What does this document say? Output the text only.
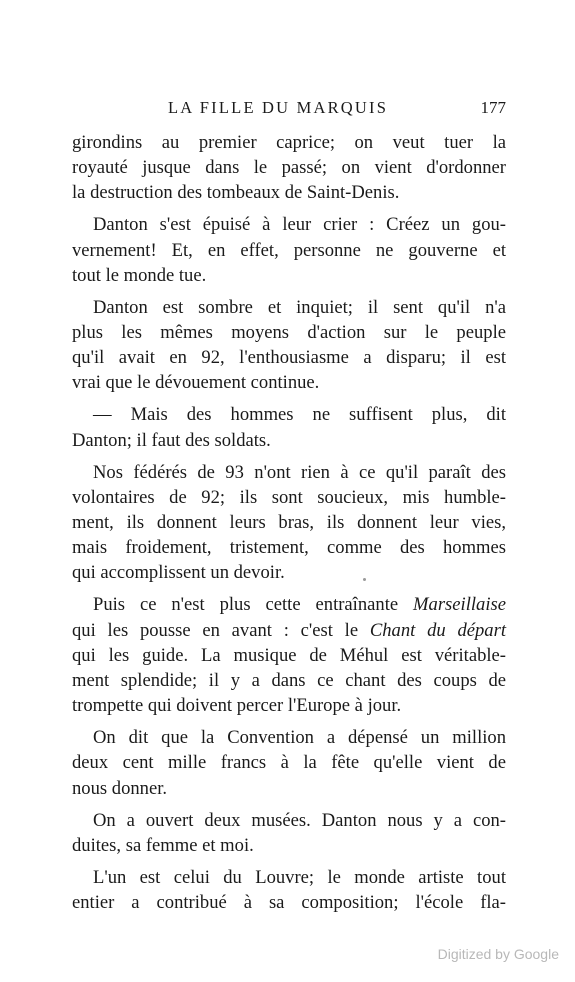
LA FILLE DU MARQUIS	177
girondins au premier caprice; on veut tuer la
royauté jusque dans le passé; on vient d'ordonner
la destruction des tombeaux de Saint-Denis.
Danton s'est épuisé à leur crier : Créez un gou-
vernement! Et, en effet, personne ne gouverne et
tout le monde tue.
Danton est sombre et inquiet; il sent qu'il n'a
plus les mêmes moyens d'action sur le peuple
qu'il avait en 92, l'enthousiasme a disparu; il est
vrai que le dévouement continue.
— Mais des hommes ne suffisent plus, dit
Danton; il faut des soldats.
Nos fédérés de 93 n'ont rien à ce qu'il paraît des
volontaires de 92; ils sont soucieux, mis humble-
ment, ils donnent leurs bras, ils donnent leur vies,
mais froidement, tristement, comme des hommes
qui accomplissent un devoir.
Puis ce n'est plus cette entraînante Marseillaise
qui les pousse en avant : c'est le Chant du départ
qui les guide. La musique de Méhul est véritable-
ment splendide; il y a dans ce chant des coups de
trompette qui doivent percer l'Europe à jour.
On dit que la Convention a dépensé un million
deux cent mille francs à la fête qu'elle vient de
nous donner.
On a ouvert deux musées. Danton nous y a con-
duites, sa femme et moi.
L'un est celui du Louvre; le monde artiste tout
entier a contribué à sa composition; l'école fla-
Digitized by Google
